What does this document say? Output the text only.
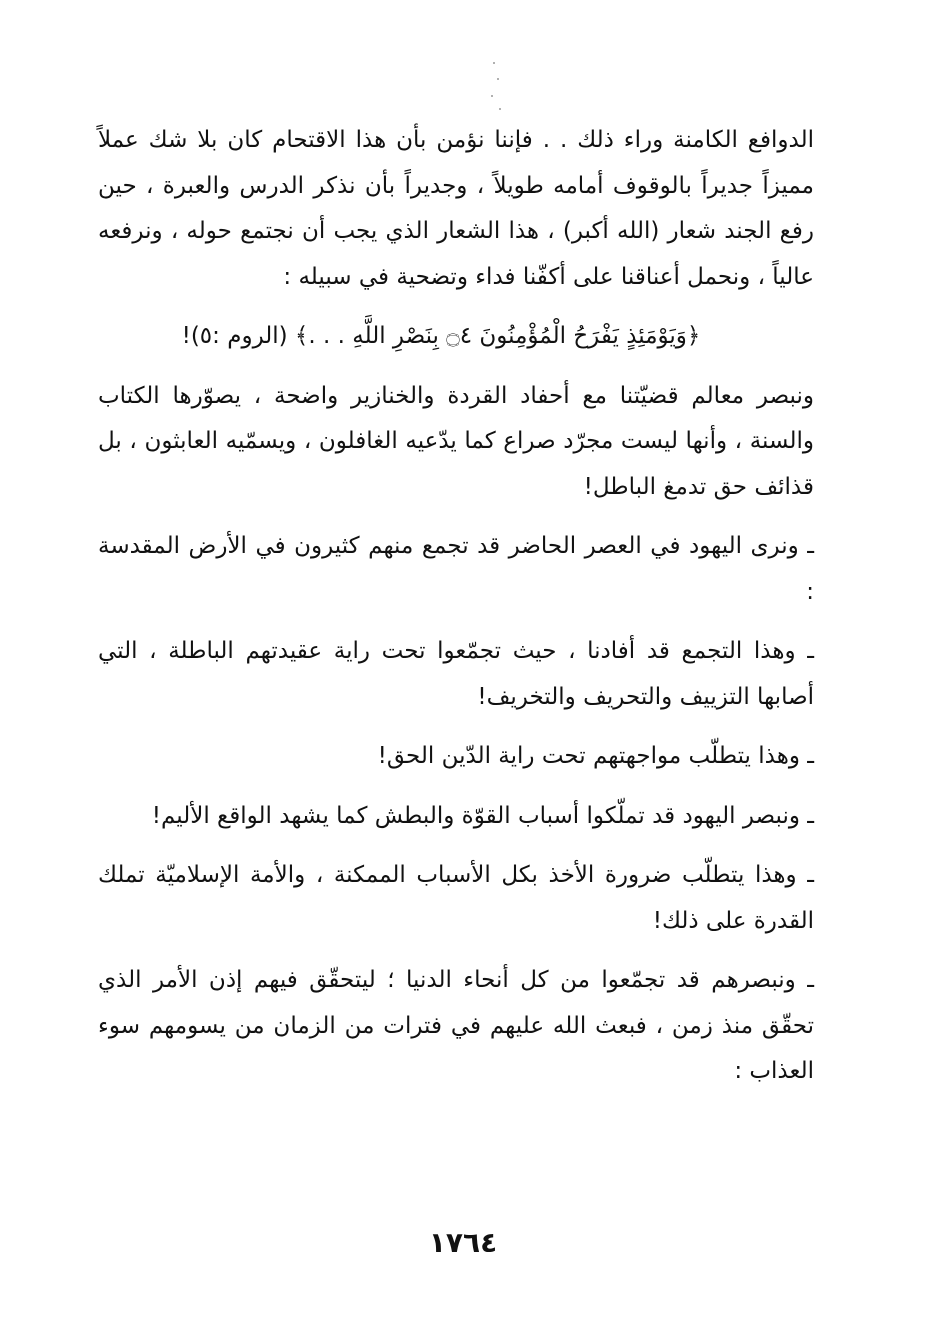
الدوافع الكامنة وراء ذلك . . فإننا نؤمن بأن هذا الاقتحام كان بلا شك عملاً مميزاً جديراً بالوقوف أمامه طويلاً ، وجديراً بأن نذكر الدرس والعبرة ، حين رفع الجند شعار (الله أكبر) ، هذا الشعار الذي يجب أن نجتمع حوله ، ونرفعه عالياً ، ونحمل أعناقنا على أكفّنا فداء وتضحية في سبيله :

﴿وَيَوْمَئِذٍ يَفْرَحُ الْمُؤْمِنُونَ ۝٤ بِنَصْرِ اللَّهِ . . .﴾ (الروم :٥)!

ونبصر معالم قضيّتنا مع أحفاد القردة والخنازير واضحة ، يصوّرها الكتاب والسنة ، وأنها ليست مجرّد صراع كما يدّعيه الغافلون ، ويسمّيه العابثون ، بل قذائف حق تدمغ الباطل!

ـ ونرى اليهود في العصر الحاضر قد تجمع منهم كثيرون في الأرض المقدسة :

ـ وهذا التجمع قد أفادنا ، حيث تجمّعوا تحت راية عقيدتهم الباطلة ، التي أصابها التزييف والتحريف والتخريف!

ـ وهذا يتطلّب مواجهتهم تحت راية الدّين الحق!

ـ ونبصر اليهود قد تملّكوا أسباب القوّة والبطش كما يشهد الواقع الأليم!

ـ وهذا يتطلّب ضرورة الأخذ بكل الأسباب الممكنة ، والأمة الإسلاميّة تملك القدرة على ذلك!

ـ ونبصرهم قد تجمّعوا من كل أنحاء الدنيا ؛ ليتحقّق فيهم إذن الأمر الذي تحقّق منذ زمن ، فبعث الله عليهم في فترات من الزمان من يسومهم سوء العذاب :

١٧٦٤
